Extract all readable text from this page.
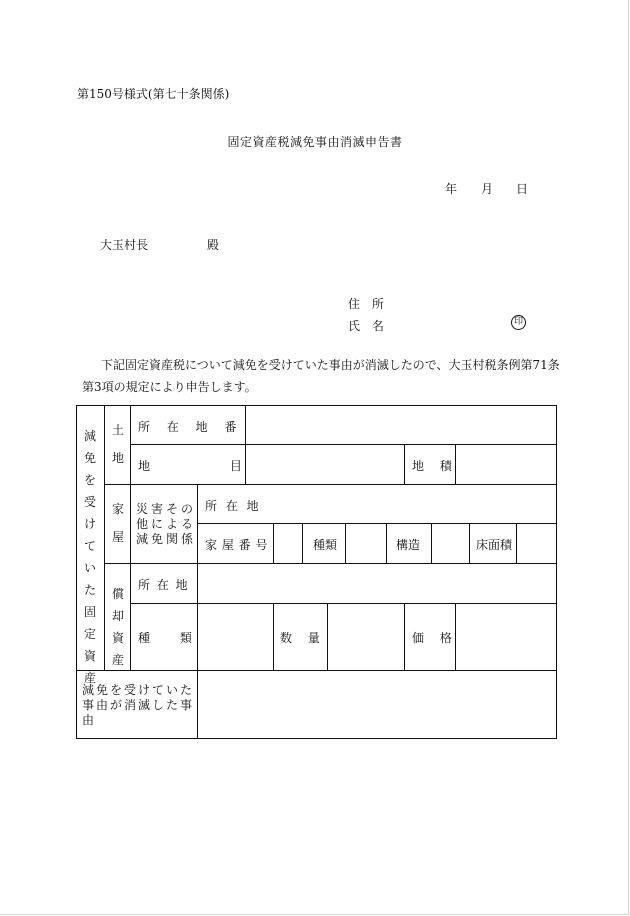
第150号様式(第七十条関係)
固定資産税減免事由消滅申告書
年 月 日
大玉村長	殿
住 所
氏 名	印
下記固定資産税について減免を受けていた事由が消滅したので、大玉村税条例第71条
第3項の規定により申告します。
減免を受けていた固定資産
土地
所 在 地 番
地 目	地 積
家屋
災害その他による減免関係
所 在 地
家 屋 番 号	種類	構造	床面積
償却資産
所 在 地
種 類	数 量	価 格
減免を受けていた事由が消滅した事由
